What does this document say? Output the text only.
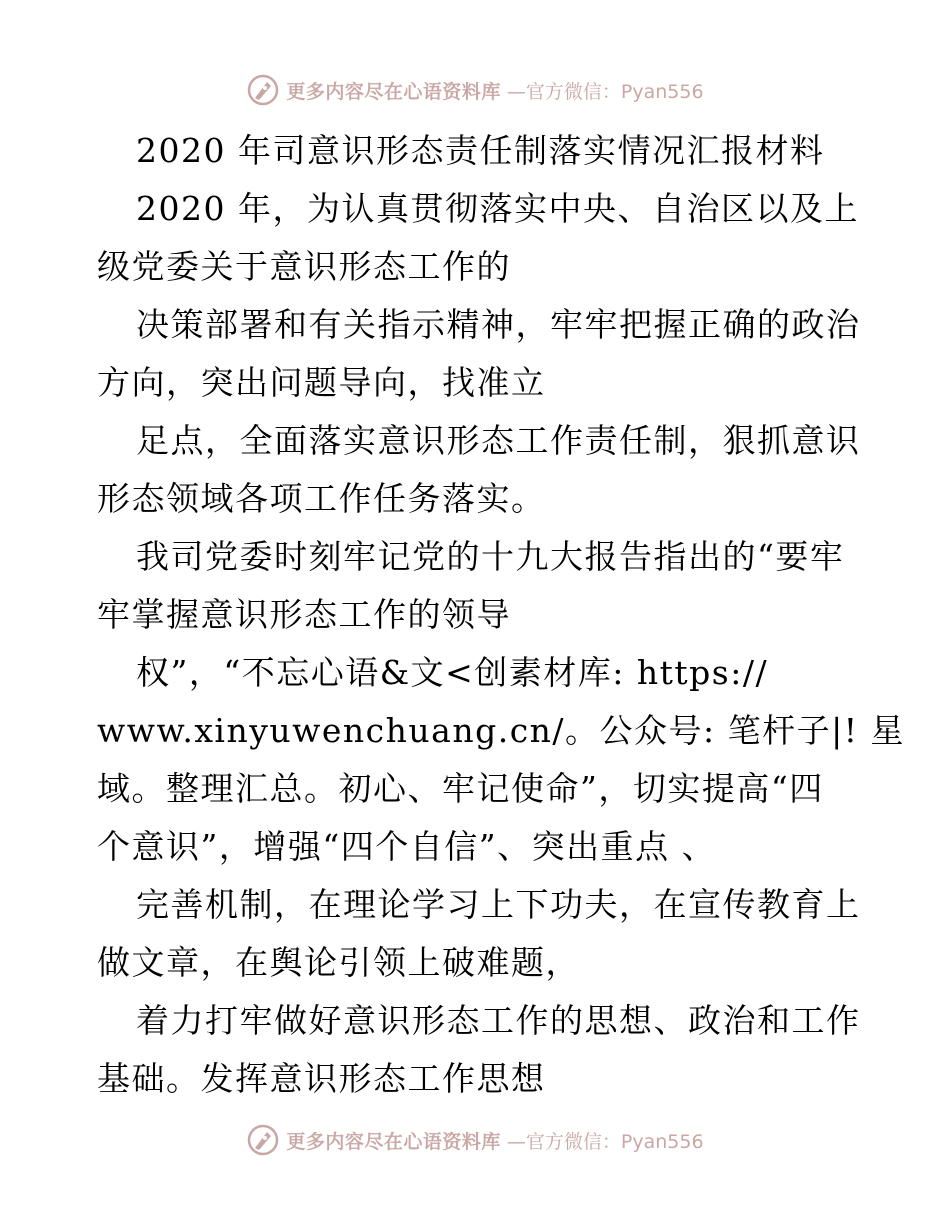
更多内容尽在心语资料库 —官方微信：Pyan556
2020 年司意识形态责任制落实情况汇报材料
2020 年，为认真贯彻落实中央、自治区以及上
级党委关于意识形态工作的
决策部署和有关指示精神，牢牢把握正确的政治
方向，突出问题导向，找准立
足点，全面落实意识形态工作责任制，狠抓意识
形态领域各项工作任务落实。
我司党委时刻牢记党的十九大报告指出的“要牢
牢掌握意识形态工作的领导
权”，“不忘心语&文<创素材库: https://
www.xinyuwenchuang.cn/。公众号: 笔杆子|! 星
域。整理汇总。初心、牢记使命”，切实提高“四
个意识”，增强“四个自信”、突出重点 、
完善机制，在理论学习上下功夫，在宣传教育上
做文章，在舆论引领上破难题，
着力打牢做好意识形态工作的思想、政治和工作
基础。发挥意识形态工作思想
更多内容尽在心语资料库 —官方微信：Pyan556
